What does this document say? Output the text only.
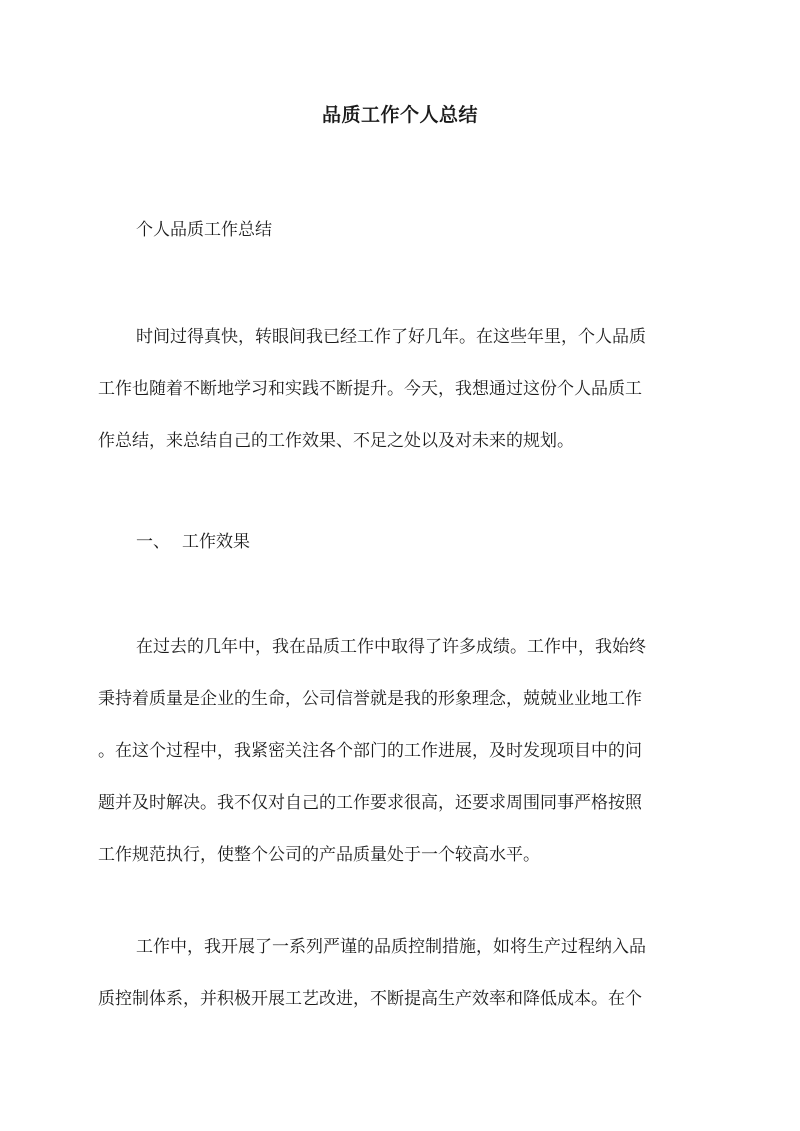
品质工作个人总结

个人品质工作总结

时间过得真快，转眼间我已经工作了好几年。在这些年里，个人品质
工作也随着不断地学习和实践不断提升。今天，我想通过这份个人品质工
作总结，来总结自己的工作效果、不足之处以及对未来的规划。

一、 工作效果

在过去的几年中，我在品质工作中取得了许多成绩。工作中，我始终
秉持着质量是企业的生命，公司信誉就是我的形象理念，兢兢业业地工作
。在这个过程中，我紧密关注各个部门的工作进展，及时发现项目中的问
题并及时解决。我不仅对自己的工作要求很高，还要求周围同事严格按照
工作规范执行，使整个公司的产品质量处于一个较高水平。
工作中，我开展了一系列严谨的品质控制措施，如将生产过程纳入品
质控制体系，并积极开展工艺改进，不断提高生产效率和降低成本。在个
